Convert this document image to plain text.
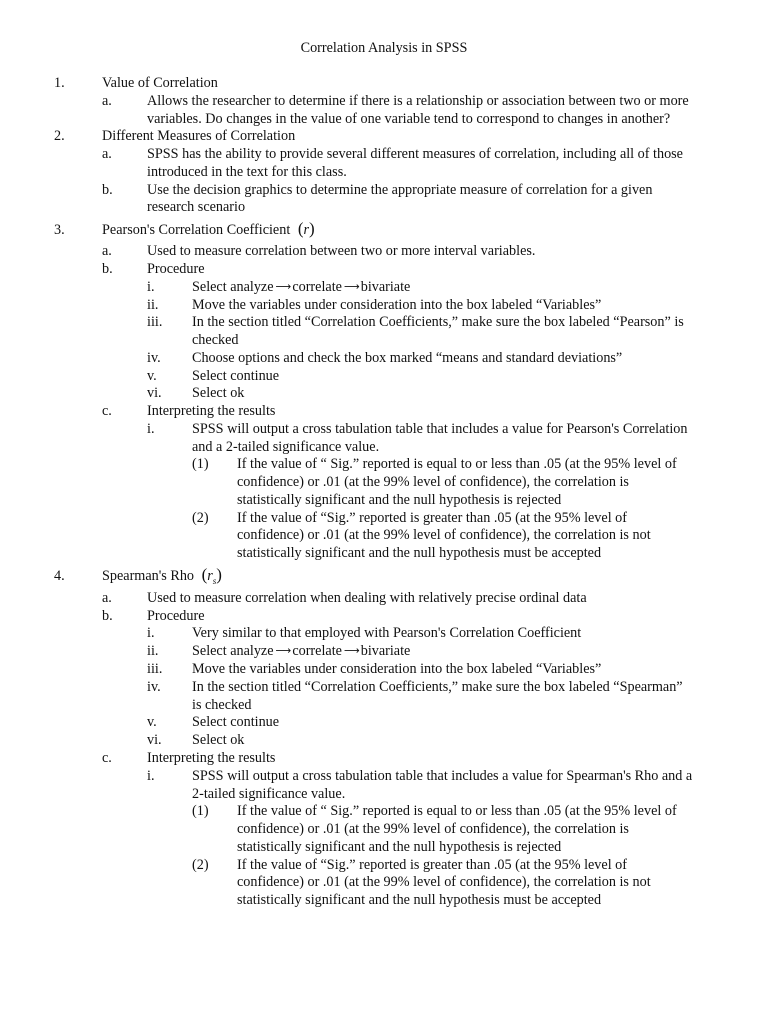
Correlation Analysis in SPSS
1.	Value of Correlation
a. Allows the researcher to determine if there is a relationship or association between two or more
variables. Do changes in the value of one variable tend to correspond to changes in another?
2.	Different Measures of Correlation
a. SPSS has the ability to provide several different measures of correlation, including all of those
introduced in the text for this class.
b. Use the decision graphics to determine the appropriate measure of correlation for a given
research scenario
3.	Pearson's Correlation Coefficient (r)
a. Used to measure correlation between two or more interval variables.
b. Procedure
i.	Select analyze ⟶correlate ⟶bivariate
ii. Move the variables under consideration into the box labeled “Variables”
iii. In the section titled “Correlation Coefficients,” make sure the box labeled “Pearson” is
checked
iv. Choose options and check the box marked “means and standard deviations”
v. Select continue
vi. Select ok
c. Interpreting the results
i.	SPSS will output a cross tabulation table that includes a value for Pearson's Correlation
and a 2-tailed significance value.
(1) If the value of “ Sig.” reported is equal to or less than .05 (at the 95% level of
confidence) or .01 (at the 99% level of confidence), the correlation is
statistically significant and the null hypothesis is rejected
(2) If the value of “Sig.” reported is greater than .05 (at the 95% level of
confidence) or .01 (at the 99% level of confidence), the correlation is not
statistically significant and the null hypothesis must be accepted
4.	Spearman's Rho $(r_s)$
a. Used to measure correlation when dealing with relatively precise ordinal data
b. Procedure
i.	Very similar to that employed with Pearson's Correlation Coefficient
ii. Select analyze ⟶correlate ⟶bivariate
iii. Move the variables under consideration into the box labeled “Variables”
iv. In the section titled “Correlation Coefficients,” make sure the box labeled “Spearman”
is checked
v. Select continue
vi. Select ok
c. Interpreting the results
i.	SPSS will output a cross tabulation table that includes a value for Spearman's Rho and a
2-tailed significance value.
(1) If the value of “ Sig.” reported is equal to or less than .05 (at the 95% level of
confidence) or .01 (at the 99% level of confidence), the correlation is
statistically significant and the null hypothesis is rejected
(2) If the value of “Sig.” reported is greater than .05 (at the 95% level of
confidence) or .01 (at the 99% level of confidence), the correlation is not
statistically significant and the null hypothesis must be accepted
